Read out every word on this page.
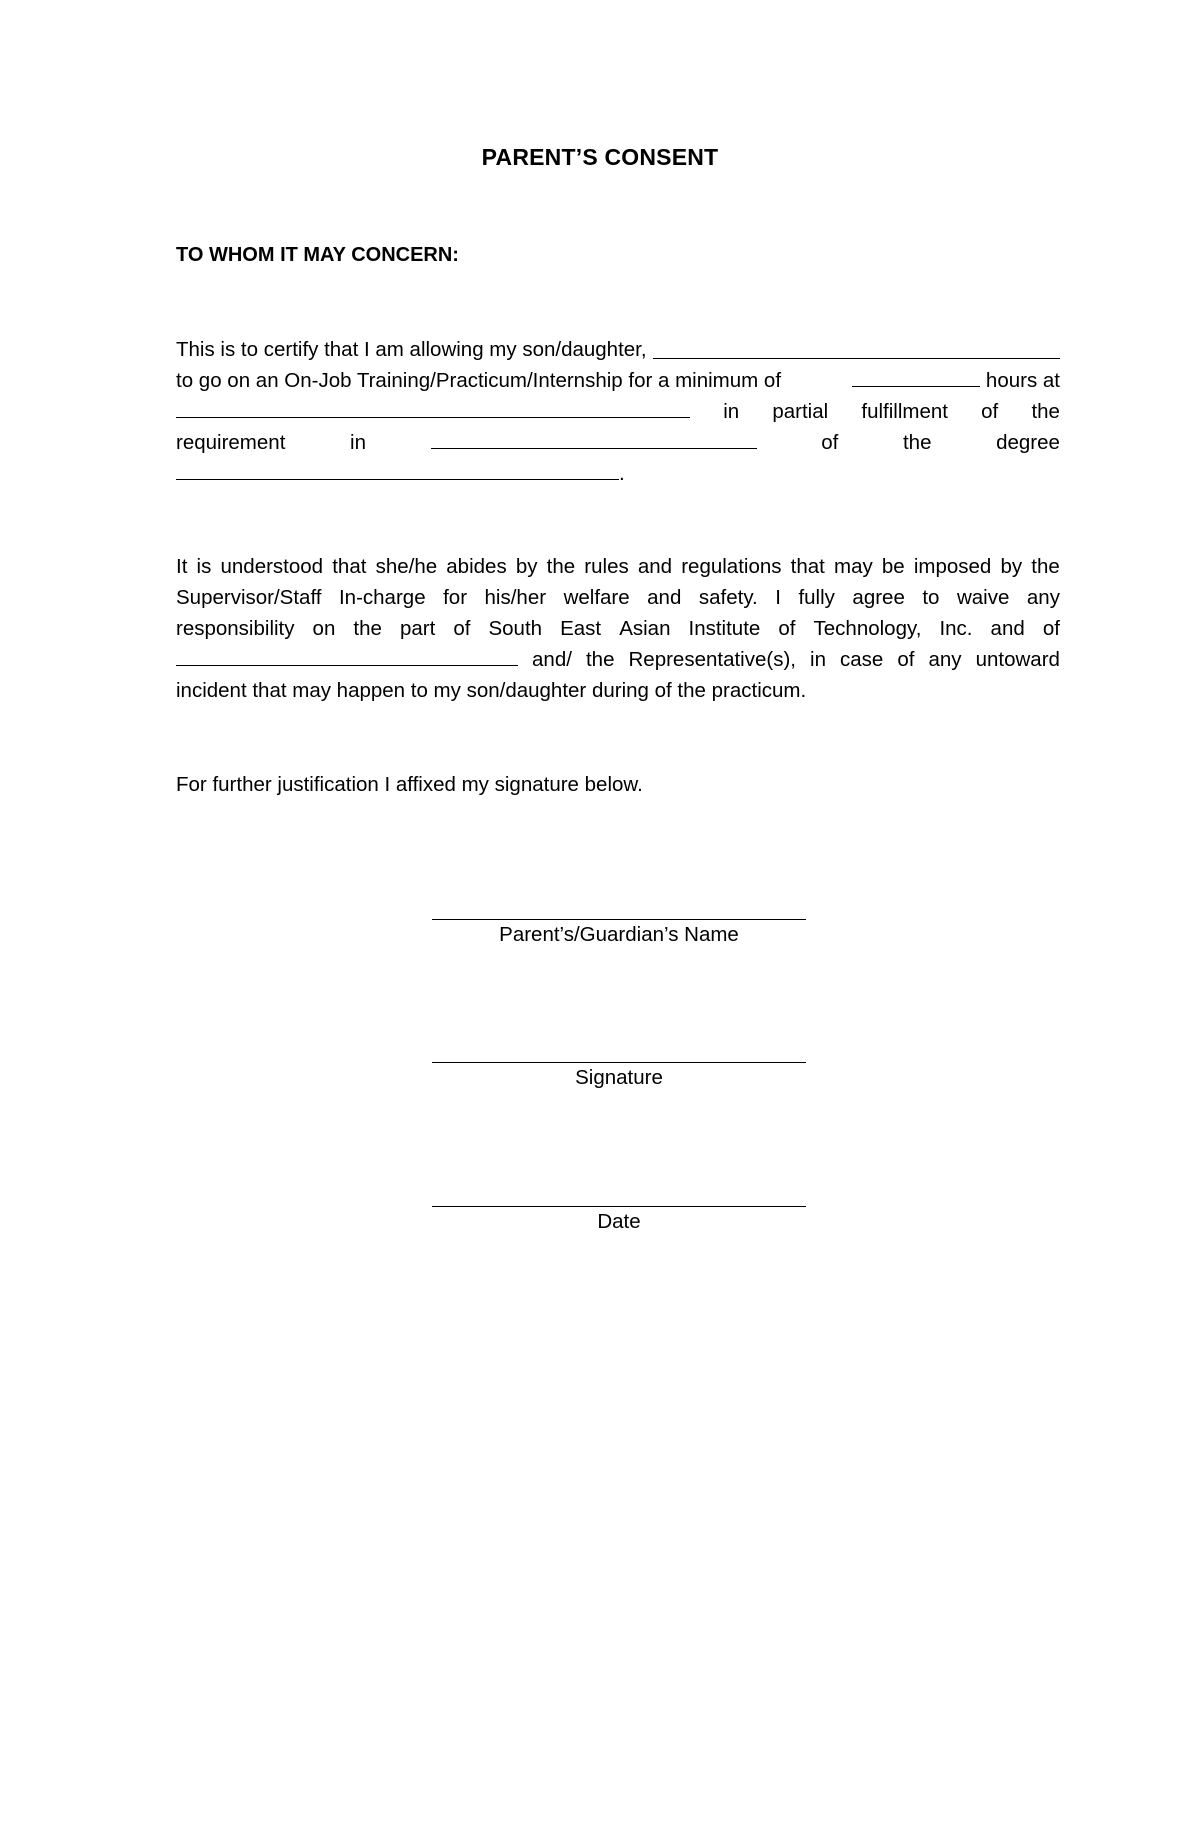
PARENT’S CONSENT
TO WHOM IT MAY CONCERN:
This is to certify that I am allowing my son/daughter,
to go on an On-Job Training/Practicum/Internship for a minimum of	hours at
in partial fulfillment of the
requirement	in	of	the	degree
.
It is understood that she/he abides by the rules and regulations that may be imposed by the
Supervisor/Staff In-charge for his/her welfare and safety. I fully agree to waive any
responsibility on the part of South East Asian Institute of Technology, Inc. and of
and/ the Representative(s), in case of any untoward
incident that may happen to my son/daughter during of the practicum.
For further justification I affixed my signature below.
Parent’s/Guardian’s Name
Signature
Date
